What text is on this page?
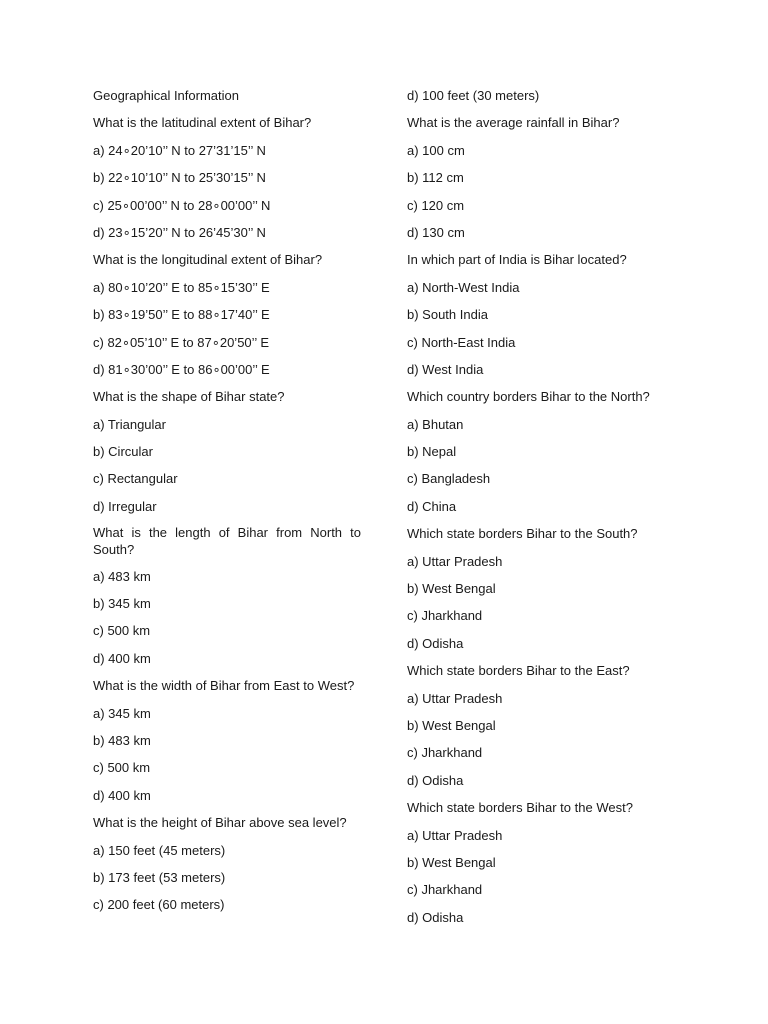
Geographical Information

What is the latitudinal extent of Bihar?

a) 24∘20’10’’ N to 27’31’15’’ N

b) 22∘10’10’’ N to 25’30’15’’ N

c) 25∘00’00’’ N to 28∘00’00’’ N

d) 23∘15’20’’ N to 26’45’30’’ N

What is the longitudinal extent of Bihar?

a) 80∘10’20’’ E to 85∘15’30’’ E

b) 83∘19’50’’ E to 88∘17’40’’ E

c) 82∘05’10’’ E to 87∘20’50’’ E

d) 81∘30’00’’ E to 86∘00’00’’ E

What is the shape of Bihar state?

a) Triangular

b) Circular

c) Rectangular

d) Irregular

What is the length of Bihar from North to South?

a) 483 km

b) 345 km

c) 500 km

d) 400 km

What is the width of Bihar from East to West?

a) 345 km

b) 483 km

c) 500 km

d) 400 km

What is the height of Bihar above sea level?

a) 150 feet (45 meters)

b) 173 feet (53 meters)

c) 200 feet (60 meters)

d) 100 feet (30 meters)

What is the average rainfall in Bihar?

a) 100 cm

b) 112 cm

c) 120 cm

d) 130 cm

In which part of India is Bihar located?

a) North-West India

b) South India

c) North-East India

d) West India

Which country borders Bihar to the North?

a) Bhutan

b) Nepal

c) Bangladesh

d) China

Which state borders Bihar to the South?

a) Uttar Pradesh

b) West Bengal

c) Jharkhand

d) Odisha

Which state borders Bihar to the East?

a) Uttar Pradesh

b) West Bengal

c) Jharkhand

d) Odisha

Which state borders Bihar to the West?

a) Uttar Pradesh

b) West Bengal

c) Jharkhand

d) Odisha
